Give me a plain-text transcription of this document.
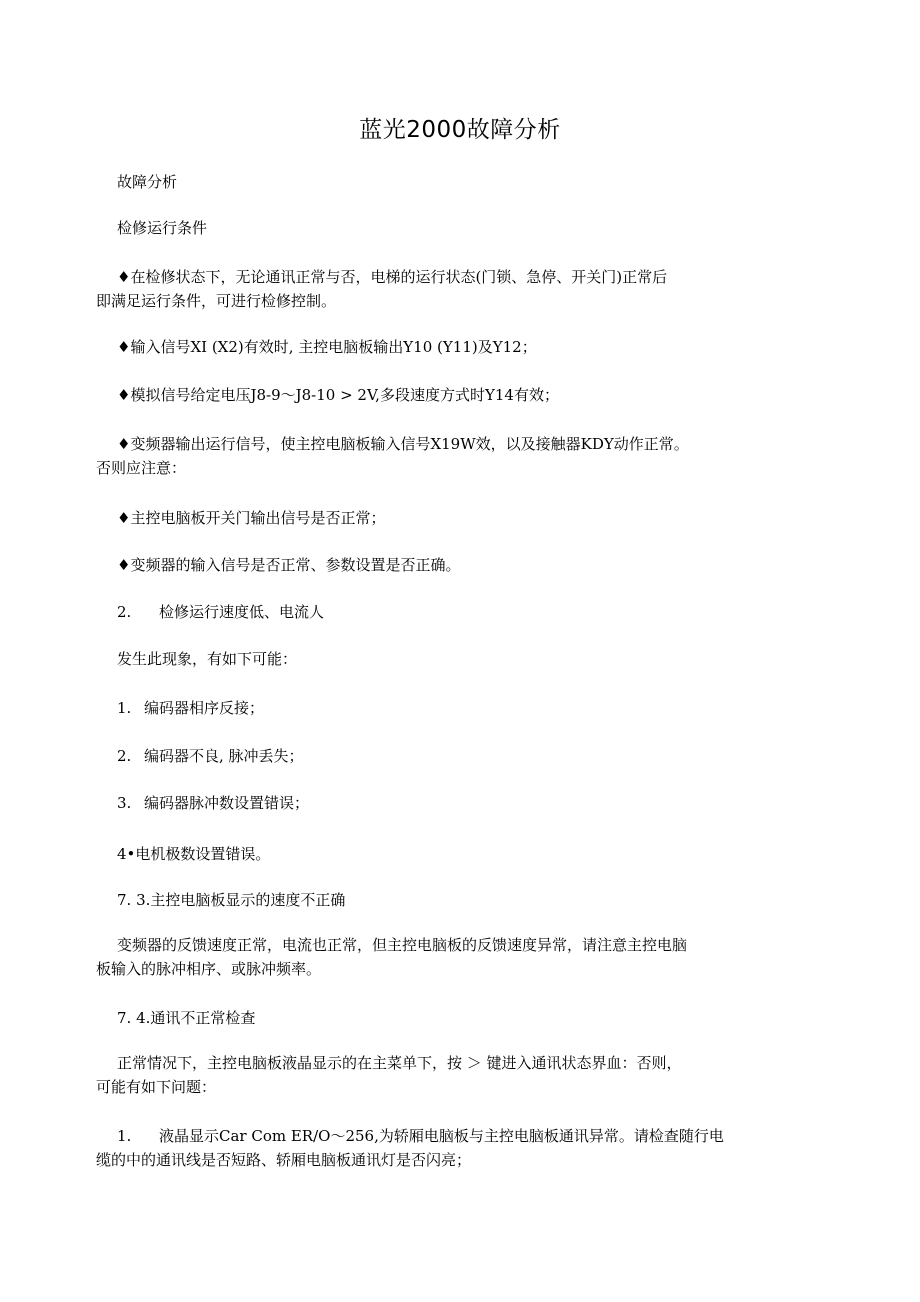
蓝光2000故障分析
故障分析
检修运行条件
♦在检修状态下，无论通讯正常与否，电梯的运行状态(门锁、急停、开关门)正常后
即满足运行条件，可进行检修控制。
♦输入信号XI (X2)有效时, 主控电脑板输出Y10 (Y11)及Y12；
♦模拟信号给定电压J8-9〜J8-10 > 2V,多段速度方式时Y14有效；
♦变频器输出运行信号，使主控电脑板输入信号X19W效，以及接触器KDY动作正常。
否则应注意：
♦主控电脑板开关门输出信号是否正常；
♦变频器的输入信号是否正常、参数设置是否正确。
2. 检修运行速度低、电流人
发生此现象，有如下可能：
1. 编码器相序反接；
2. 编码器不良, 脉冲丢失；
3. 编码器脉冲数设置错误；
4•电机极数设置错误。
7. 3.主控电脑板显示的速度不正确
变频器的反馈速度正常，电流也正常，但主控电脑板的反馈速度异常，请注意主控电脑
板输入的脉冲相序、或脉冲频率。
7. 4.通讯不正常检查
正常情况下，主控电脑板液晶显示的在主菜单下，按 ＞ 键进入通讯状态界血：否则，
可能有如下问题：
1. 液晶显示Car Com ER/O〜256,为轿厢电脑板与主控电脑板通讯异常。请检查随行电
缆的中的通讯线是否短路、轿厢电脑板通讯灯是否闪亮；
